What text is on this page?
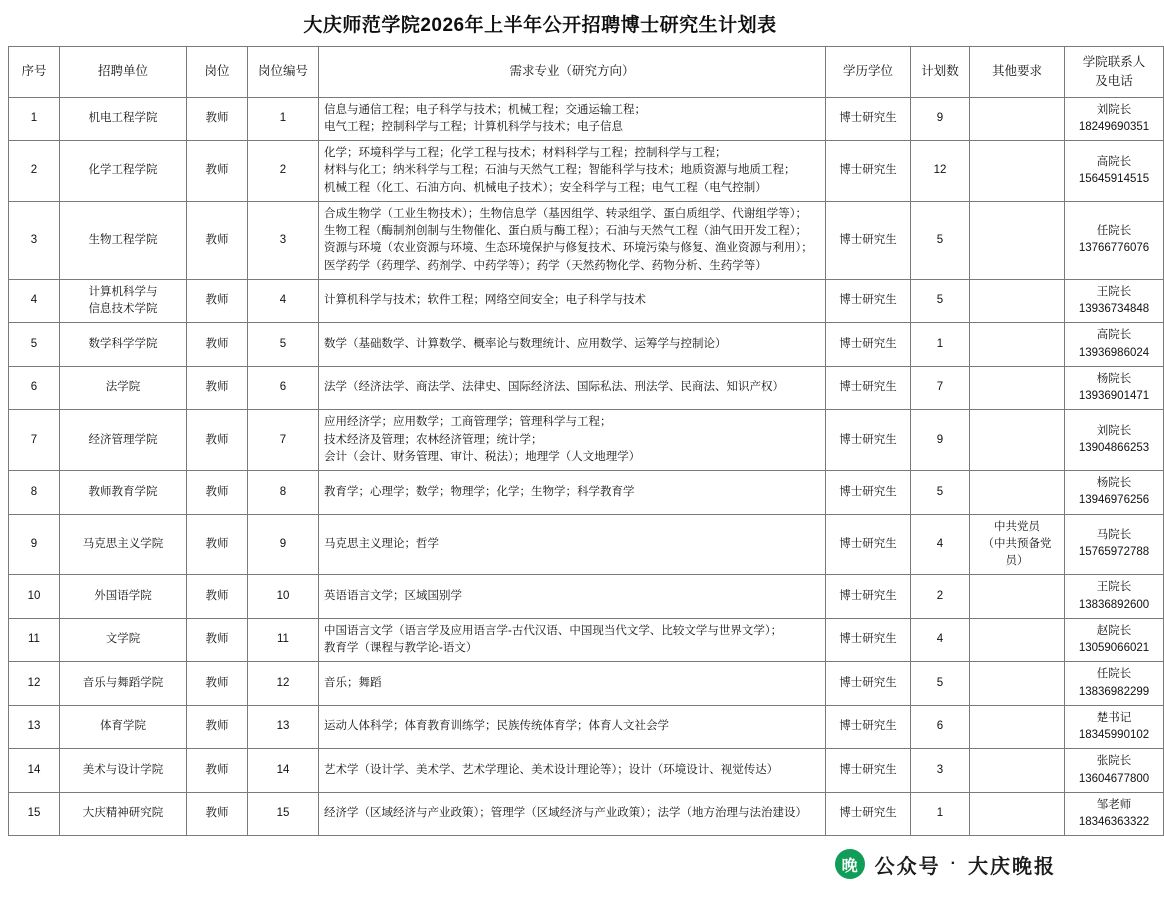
大庆师范学院2026年上半年公开招聘博士研究生计划表
序号	招聘单位	岗位	岗位编号	需求专业（研究方向）	学历学位	计划数	其他要求	学院联系人
及电话
1	机电工程学院	教师	1	信息与通信工程；电子科学与技术；机械工程；交通运输工程；
电气工程；控制科学与工程；计算机科学与技术；电子信息	博士研究生	9		刘院长
18249690351

2	化学工程学院	教师	2	化学；环境科学与工程；化学工程与技术；材料科学与工程；控制科学与工程；
材料与化工；纳米科学与工程；石油与天然气工程；智能科学与技术；地质资源与地质工程；
机械工程（化工、石油方向、机械电子技术）；安全科学与工程；电气工程（电气控制）	博士研究生	12		高院长
15645914515

3	生物工程学院	教师	3	合成生物学（工业生物技术）；生物信息学（基因组学、转录组学、蛋白质组学、代谢组学等）；
生物工程（酶制剂创制与生物催化、蛋白质与酶工程）；石油与天然气工程（油气田开发工程）；
资源与环境（农业资源与环境、生态环境保护与修复技术、环境污染与修复、渔业资源与利用）；
医学药学（药理学、药剂学、中药学等）；药学（天然药物化学、药物分析、生药学等）	博士研究生	5		任院长
13766776076

4	计算机科学与
信息技术学院	教师	4	计算机科学与技术；软件工程；网络空间安全；电子科学与技术	博士研究生	5		王院长
13936734848

5	数学科学学院	教师	5	数学（基础数学、计算数学、概率论与数理统计、应用数学、运筹学与控制论）	博士研究生	1		高院长
13936986024

6	法学院	教师	6	法学（经济法学、商法学、法律史、国际经济法、国际私法、刑法学、民商法、知识产权）	博士研究生	7		杨院长
13936901471

7	经济管理学院	教师	7	应用经济学；应用数学；工商管理学；管理科学与工程；
技术经济及管理；农林经济管理；统计学；
会计（会计、财务管理、审计、税法）；地理学（人文地理学）	博士研究生	9		刘院长
13904866253

8	教师教育学院	教师	8	教育学；心理学；数学；物理学；化学；生物学；科学教育学	博士研究生	5		杨院长
13946976256

9	马克思主义学院	教师	9	马克思主义理论；哲学	博士研究生	4	中共党员
（中共预备党员）	马院长
15765972788

10	外国语学院	教师	10	英语语言文学；区域国别学	博士研究生	2		王院长
13836892600

11	文学院	教师	11	中国语言文学（语言学及应用语言学-古代汉语、中国现当代文学、比较文学与世界文学）；
教育学（课程与教学论-语文）	博士研究生	4		赵院长
13059066021

12	音乐与舞蹈学院	教师	12	音乐；舞蹈	博士研究生	5		任院长
13836982299

13	体育学院	教师	13	运动人体科学；体育教育训练学；民族传统体育学；体育人文社会学	博士研究生	6		楚书记
18345990102

14	美术与设计学院	教师	14	艺术学（设计学、美术学、艺术学理论、美术设计理论等）；设计（环境设计、视觉传达）	博士研究生	3		张院长
13604677800

15	大庆精神研究院	教师	15	经济学（区域经济与产业政策）；管理学（区域经济与产业政策）；法学（地方治理与法治建设）	博士研究生	1		邹老师
18346363322
晚 公众号 · 大庆晚报
